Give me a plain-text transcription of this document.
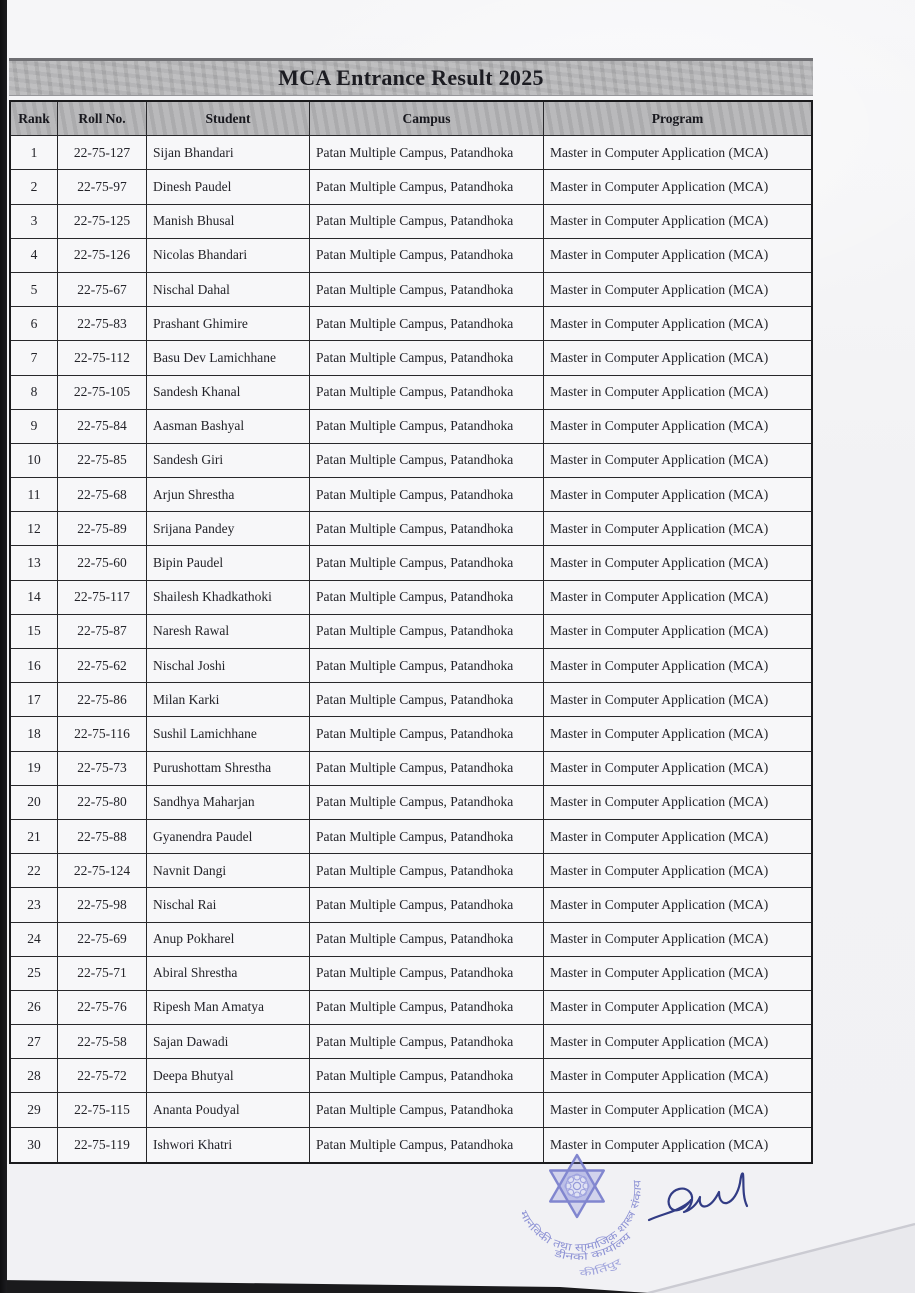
MCA Entrance Result 2025
Rank	Roll No.	Student	Campus	Program
1	22-75-127	Sijan Bhandari	Patan Multiple Campus, Patandhoka	Master in Computer Application (MCA)
2	22-75-97	Dinesh Paudel	Patan Multiple Campus, Patandhoka	Master in Computer Application (MCA)
3	22-75-125	Manish Bhusal	Patan Multiple Campus, Patandhoka	Master in Computer Application (MCA)
4	22-75-126	Nicolas Bhandari	Patan Multiple Campus, Patandhoka	Master in Computer Application (MCA)
5	22-75-67	Nischal Dahal	Patan Multiple Campus, Patandhoka	Master in Computer Application (MCA)
6	22-75-83	Prashant Ghimire	Patan Multiple Campus, Patandhoka	Master in Computer Application (MCA)
7	22-75-112	Basu Dev Lamichhane	Patan Multiple Campus, Patandhoka	Master in Computer Application (MCA)
8	22-75-105	Sandesh Khanal	Patan Multiple Campus, Patandhoka	Master in Computer Application (MCA)
9	22-75-84	Aasman Bashyal	Patan Multiple Campus, Patandhoka	Master in Computer Application (MCA)
10	22-75-85	Sandesh Giri	Patan Multiple Campus, Patandhoka	Master in Computer Application (MCA)
11	22-75-68	Arjun Shrestha	Patan Multiple Campus, Patandhoka	Master in Computer Application (MCA)
12	22-75-89	Srijana Pandey	Patan Multiple Campus, Patandhoka	Master in Computer Application (MCA)
13	22-75-60	Bipin Paudel	Patan Multiple Campus, Patandhoka	Master in Computer Application (MCA)
14	22-75-117	Shailesh Khadkathoki	Patan Multiple Campus, Patandhoka	Master in Computer Application (MCA)
15	22-75-87	Naresh Rawal	Patan Multiple Campus, Patandhoka	Master in Computer Application (MCA)
16	22-75-62	Nischal Joshi	Patan Multiple Campus, Patandhoka	Master in Computer Application (MCA)
17	22-75-86	Milan Karki	Patan Multiple Campus, Patandhoka	Master in Computer Application (MCA)
18	22-75-116	Sushil Lamichhane	Patan Multiple Campus, Patandhoka	Master in Computer Application (MCA)
19	22-75-73	Purushottam Shrestha	Patan Multiple Campus, Patandhoka	Master in Computer Application (MCA)
20	22-75-80	Sandhya Maharjan	Patan Multiple Campus, Patandhoka	Master in Computer Application (MCA)
21	22-75-88	Gyanendra Paudel	Patan Multiple Campus, Patandhoka	Master in Computer Application (MCA)
22	22-75-124	Navnit Dangi	Patan Multiple Campus, Patandhoka	Master in Computer Application (MCA)
23	22-75-98	Nischal Rai	Patan Multiple Campus, Patandhoka	Master in Computer Application (MCA)
24	22-75-69	Anup Pokharel	Patan Multiple Campus, Patandhoka	Master in Computer Application (MCA)
25	22-75-71	Abiral Shrestha	Patan Multiple Campus, Patandhoka	Master in Computer Application (MCA)
26	22-75-76	Ripesh Man Amatya	Patan Multiple Campus, Patandhoka	Master in Computer Application (MCA)
27	22-75-58	Sajan Dawadi	Patan Multiple Campus, Patandhoka	Master in Computer Application (MCA)
28	22-75-72	Deepa Bhutyal	Patan Multiple Campus, Patandhoka	Master in Computer Application (MCA)
29	22-75-115	Ananta Poudyal	Patan Multiple Campus, Patandhoka	Master in Computer Application (MCA)
30	22-75-119	Ishwori Khatri	Patan Multiple Campus, Patandhoka	Master in Computer Application (MCA)
मानविकी तथा सामाजिक शास्त्र संकाय
डीनको कार्यालय
कीर्तिपुर
